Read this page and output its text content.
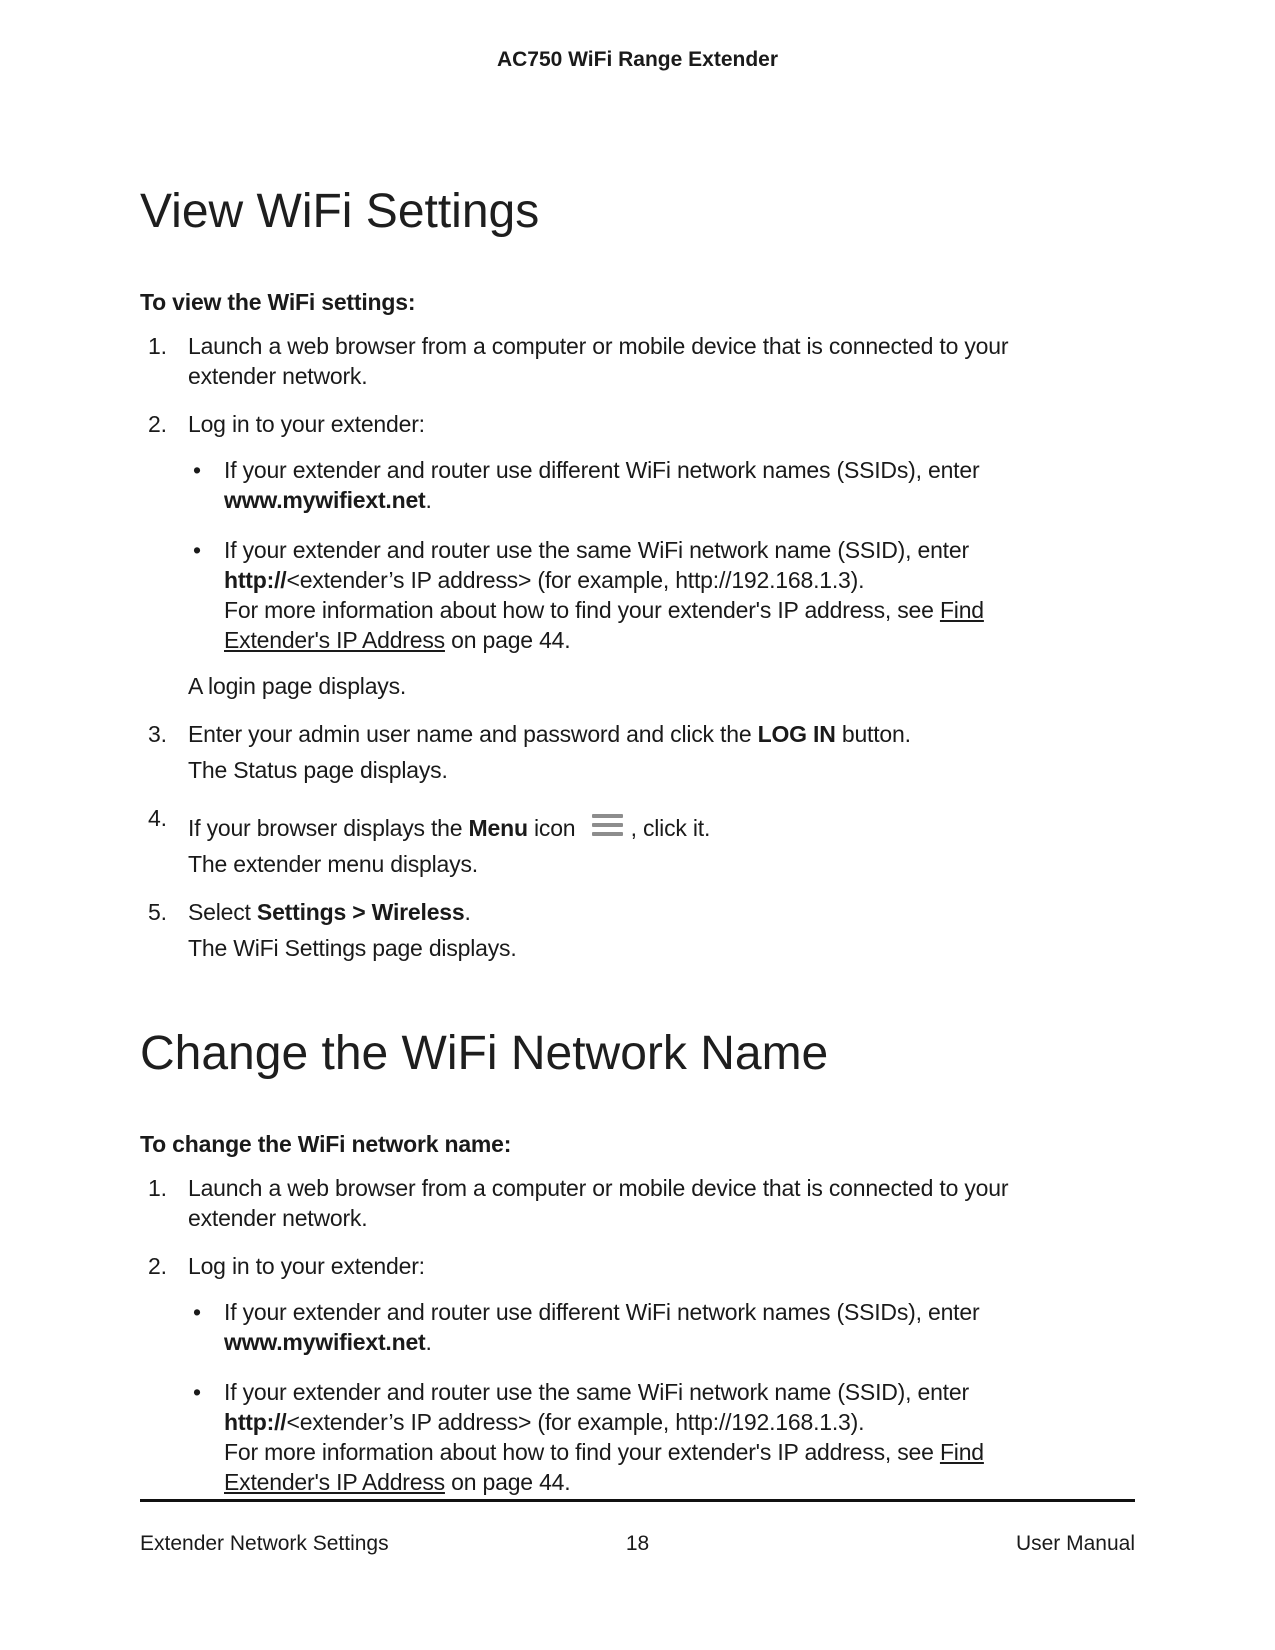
AC750 WiFi Range Extender
View WiFi Settings

To view the WiFi settings:

1. Launch a web browser from a computer or mobile device that is connected to your
extender network.
2. Log in to your extender:
•	If your extender and router use different WiFi network names (SSIDs), enter
www.mywifiext.net.
•	If your extender and router use the same WiFi network name (SSID), enter
http://<extender’s IP address> (for example, http://192.168.1.3).
For more information about how to find your extender's IP address, see Find
Extender's IP Address on page 44.
A login page displays.
3. Enter your admin user name and password and click the LOG IN button.
The Status page displays.
4. If your browser displays the Menu icon
, click it.
The extender menu displays.
5. Select Settings > Wireless.
The WiFi Settings page displays.
Change the WiFi Network Name

To change the WiFi network name:

1. Launch a web browser from a computer or mobile device that is connected to your
extender network.
2. Log in to your extender:
•	If your extender and router use different WiFi network names (SSIDs), enter
www.mywifiext.net.
•	If your extender and router use the same WiFi network name (SSID), enter
http://<extender’s IP address> (for example, http://192.168.1.3).
For more information about how to find your extender's IP address, see Find
Extender's IP Address on page 44.
Extender Network Settings	18	User Manual
